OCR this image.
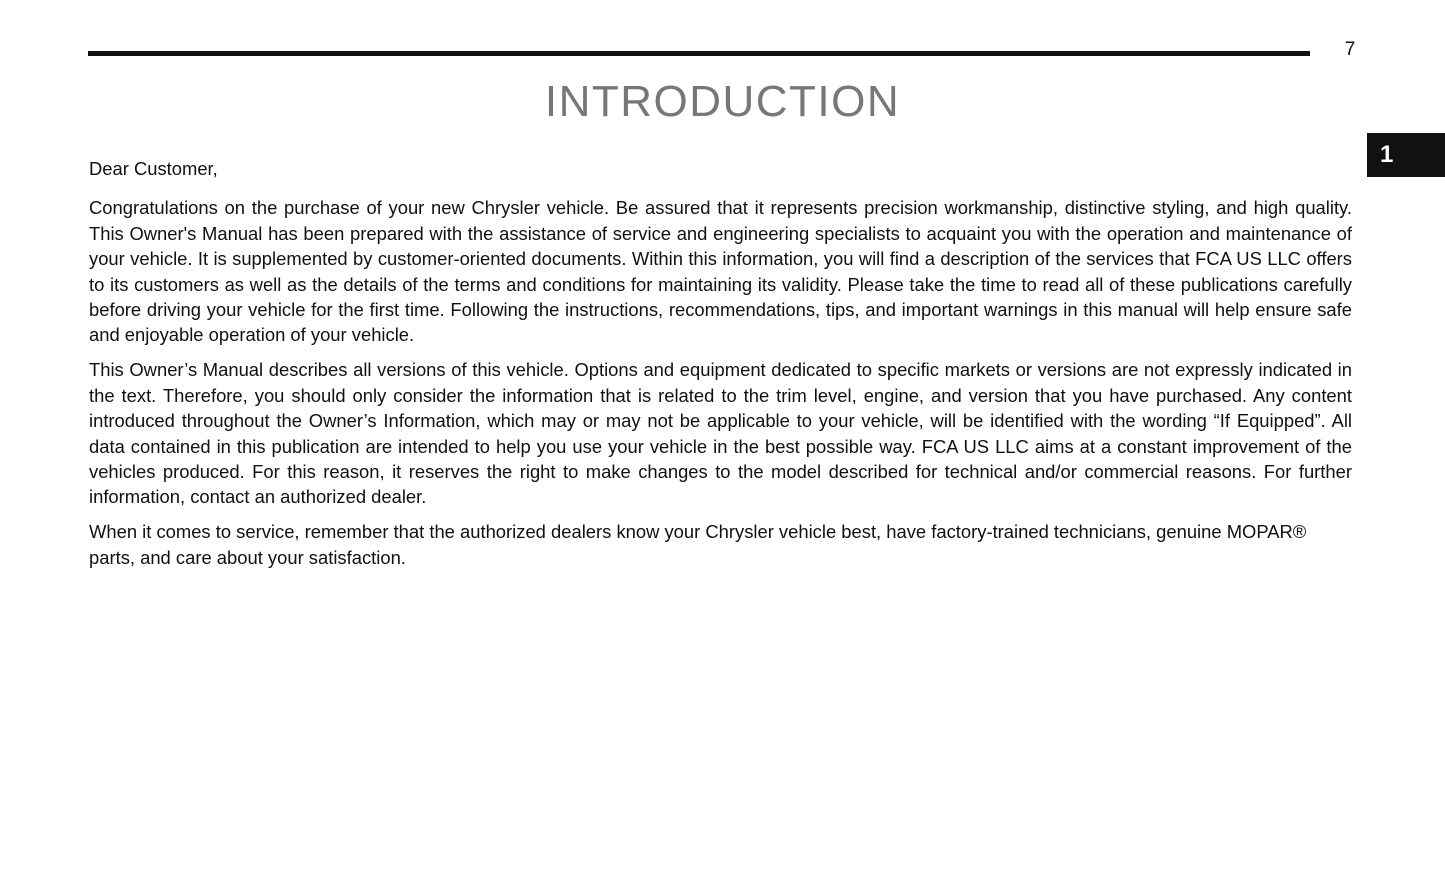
7
1
INTRODUCTION

Dear Customer,

Congratulations on the purchase of your new Chrysler vehicle. Be assured that it represents precision workmanship, distinctive styling, and high quality. This Owner's Manual has been prepared with the assistance of service and engineering specialists to acquaint you with the operation and maintenance of your vehicle. It is supplemented by customer-oriented documents. Within this information, you will find a description of the services that FCA US LLC offers to its customers as well as the details of the terms and conditions for maintaining its validity. Please take the time to read all of these publications carefully before driving your vehicle for the first time. Following the instructions, recommendations, tips, and important warnings in this manual will help ensure safe and enjoyable operation of your vehicle.

This Owner’s Manual describes all versions of this vehicle. Options and equipment dedicated to specific markets or versions are not expressly indicated in the text. Therefore, you should only consider the information that is related to the trim level, engine, and version that you have purchased. Any content introduced throughout the Owner’s Information, which may or may not be applicable to your vehicle, will be identified with the wording “If Equipped”. All data contained in this publication are intended to help you use your vehicle in the best possible way. FCA US LLC aims at a constant improvement of the vehicles produced. For this reason, it reserves the right to make changes to the model described for technical and/or commercial reasons. For further information, contact an authorized dealer.

When it comes to service, remember that the authorized dealers know your Chrysler vehicle best, have factory-trained technicians, genuine MOPAR® parts, and care about your satisfaction.
